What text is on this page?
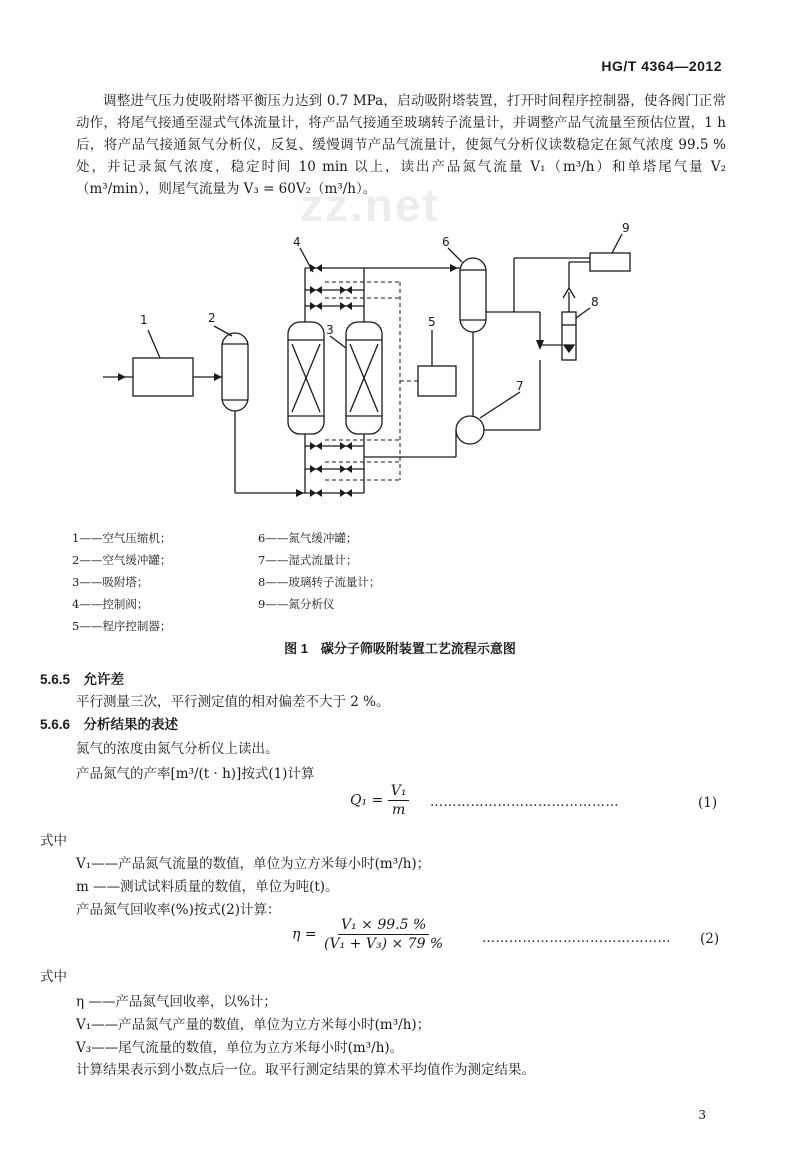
HG/T 4364—2012

调整进气压力使吸附塔平衡压力达到 0.7 MPa，启动吸附塔装置，打开时间程序控制器，使各阀门正常动作，将尾气接通至湿式气体流量计，将产品气接通至玻璃转子流量计，并调整产品气流量至预估位置，1 h 后，将产品气接通氮气分析仪，反复、缓慢调节产品气流量计，使氮气分析仪读数稳定在氮气浓度 99.5 %处，并记录氮气浓度，稳定时间 10 min 以上，读出产品氮气流量 V₁（m³/h）和单塔尾气量 V₂（m³/min），则尾气流量为 V₃ = 60V₂（m³/h）。

zz.net
1	2
3
4
5
6
7
8
9
1——空气压缩机；
2——空气缓冲罐；
3——吸附塔；
4——控制阀；
5——程序控制器；
6——氮气缓冲罐；
7——湿式流量计；
8——玻璃转子流量计；
9——氮分析仪
图 1　碳分子筛吸附装置工艺流程示意图
5.6.5　 允许差
平行测量三次，平行测定值的相对偏差不大于 2 %。
5.6.6　 分析结果的表述
氮气的浓度由氮气分析仪上读出。
产品氮气的产率[m³/(t · h)]按式(1)计算
$Q_1 = \frac{\text{V₁}}{m}$ ……………………………………	(1)
式中
V₁——产品氮气流量的数值，单位为立方米每小时(m³/h)；
m ——测试试料质量的数值，单位为吨(t)。
产品氮气回收率(%)按式(2)计算：
$\eta = \frac{\text{V₁ × 99.5 \%}}{\text{(V₁ + V₃) × 79 \%}}$	…………………………………… (2)
式中
η ——产品氮气回收率，以%计；
V₁——产品氮气产量的数值，单位为立方米每小时(m³/h)；
V₃——尾气流量的数值，单位为立方米每小时(m³/h)。
计算结果表示到小数点后一位。取平行测定结果的算术平均值作为测定结果。
3
